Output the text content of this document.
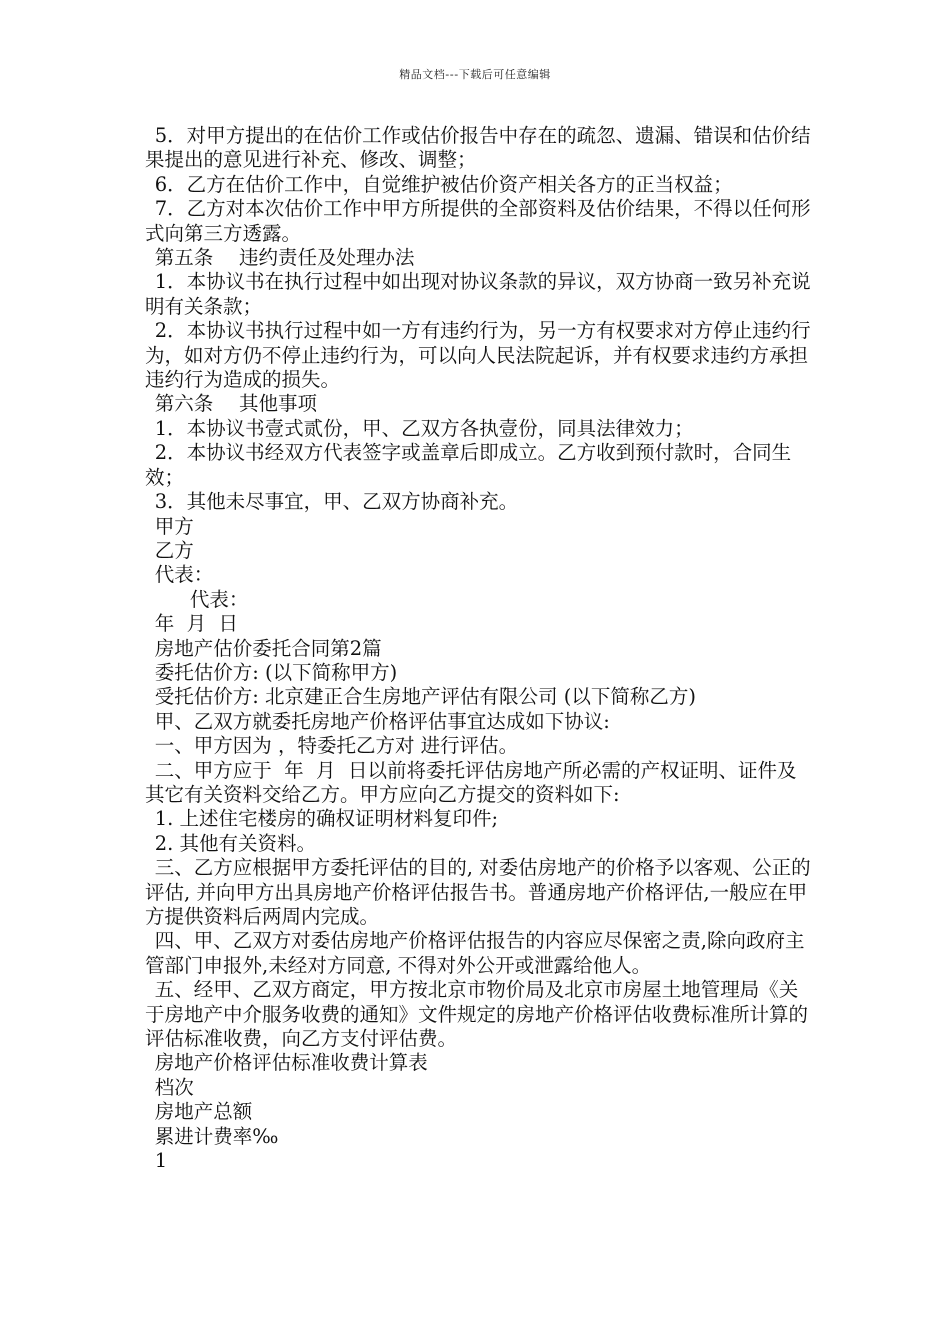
精品文档---下载后可任意编辑

5．对甲方提出的在估价工作或估价报告中存在的疏忽、遗漏、错误和估价结果提出的意见进行补充、修改、调整；

6．乙方在估价工作中，自觉维护被估价资产相关各方的正当权益；

7．乙方对本次估价工作中甲方所提供的全部资料及估价结果，不得以任何形式向第三方透露。

第五条　 违约责任及处理办法

1．本协议书在执行过程中如出现对协议条款的异议，双方协商一致另补充说明有关条款；

2．本协议书执行过程中如一方有违约行为，另一方有权要求对方停止违约行为，如对方仍不停止违约行为，可以向人民法院起诉，并有权要求违约方承担违约行为造成的损失。

第六条　 其他事项

1．本协议书壹式贰份，甲、乙双方各执壹份，同具法律效力；

2．本协议书经双方代表签字或盖章后即成立。乙方收到预付款时，合同生效；

3．其他未尽事宜，甲、乙双方协商补充。

甲方

乙方

代表：

代表：

年  月  日

房地产估价委托合同第2篇

委托估价方: (以下简称甲方)

受托估价方: 北京建正合生房地产评估有限公司 (以下简称乙方)

甲、乙双方就委托房地产价格评估事宜达成如下协议:

一、甲方因为 ，特委托乙方对 进行评估。

二、甲方应于  年  月  日以前将委托评估房地产所必需的产权证明、证件及其它有关资料交给乙方。甲方应向乙方提交的资料如下:

1. 上述住宅楼房的确权证明材料复印件;

2. 其他有关资料。

三、乙方应根据甲方委托评估的目的, 对委估房地产的价格予以客观、公正的评估, 并向甲方出具房地产价格评估报告书。普通房地产价格评估,一般应在甲方提供资料后两周内完成。

四、甲、乙双方对委估房地产价格评估报告的内容应尽保密之责,除向政府主管部门申报外,未经对方同意, 不得对外公开或泄露给他人。

五、经甲、乙双方商定，甲方按北京市物价局及北京市房屋土地管理局《关于房地产中介服务收费的通知》文件规定的房地产价格评估收费标准所计算的评估标准收费，向乙方支付评估费。

房地产价格评估标准收费计算表

档次

房地产总额

累进计费率‰

1
